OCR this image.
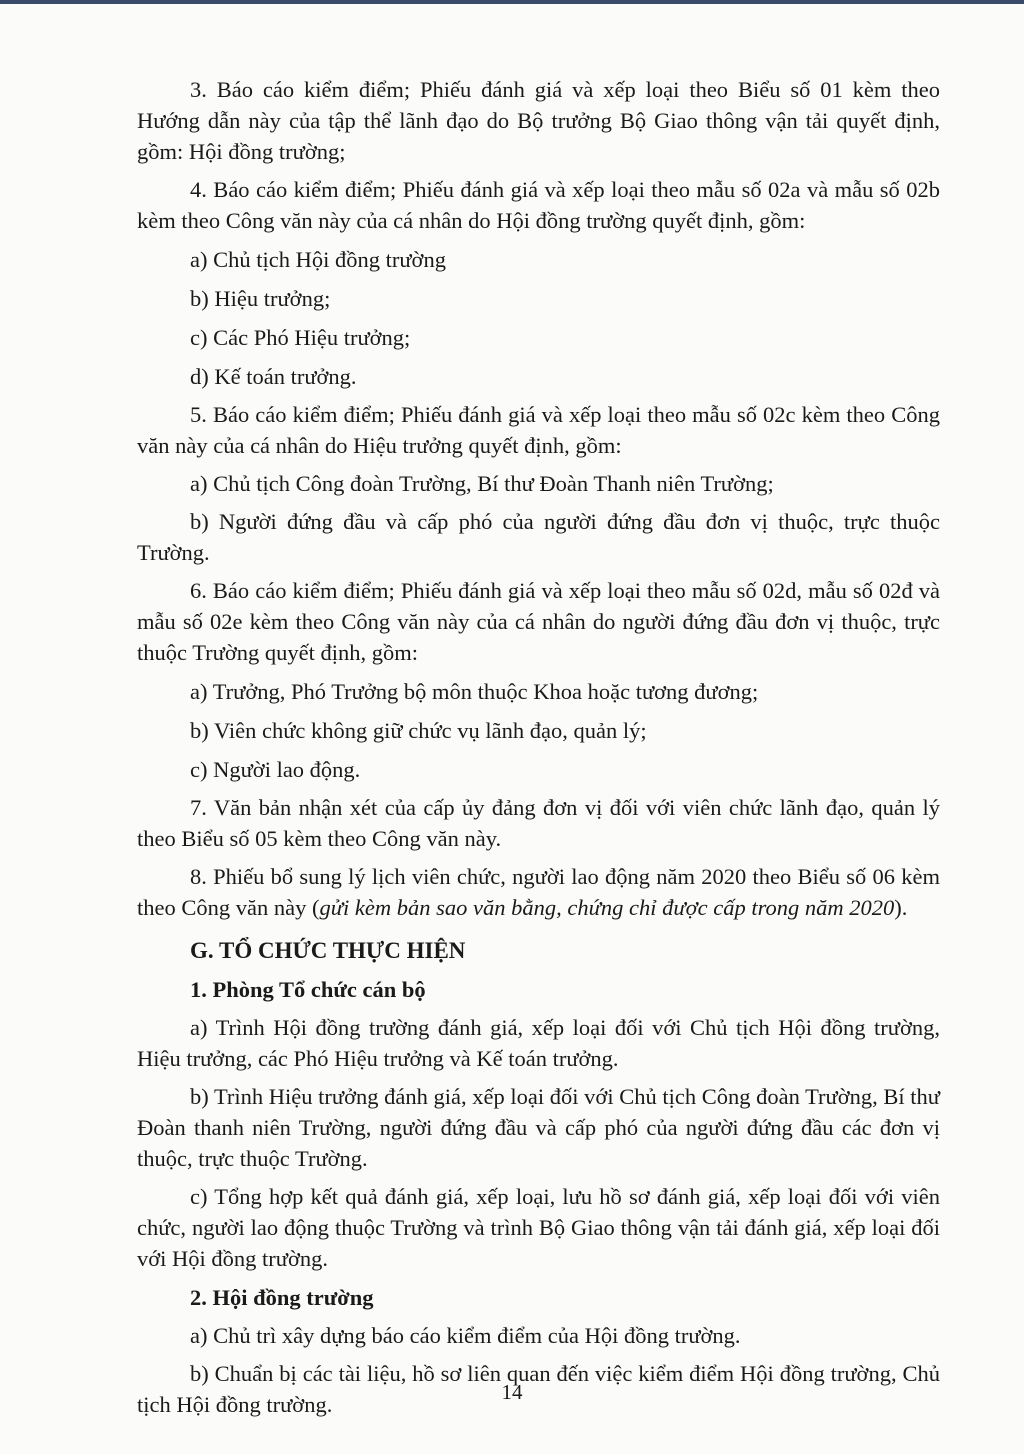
3. Báo cáo kiểm điểm; Phiếu đánh giá và xếp loại theo Biểu số 01 kèm theo Hướng dẫn này của tập thể lãnh đạo do Bộ trưởng Bộ Giao thông vận tải quyết định, gồm: Hội đồng trường;

4. Báo cáo kiểm điểm; Phiếu đánh giá và xếp loại theo mẫu số 02a và mẫu số 02b kèm theo Công văn này của cá nhân do Hội đồng trường quyết định, gồm:

a) Chủ tịch Hội đồng trường

b) Hiệu trưởng;

c) Các Phó Hiệu trưởng;

d) Kế toán trưởng.

5. Báo cáo kiểm điểm; Phiếu đánh giá và xếp loại theo mẫu số 02c kèm theo Công văn này của cá nhân do Hiệu trưởng quyết định, gồm:

a) Chủ tịch Công đoàn Trường, Bí thư Đoàn Thanh niên Trường;

b) Người đứng đầu và cấp phó của người đứng đầu đơn vị thuộc, trực thuộc Trường.

6. Báo cáo kiểm điểm; Phiếu đánh giá và xếp loại theo mẫu số 02d, mẫu số 02đ và mẫu số 02e kèm theo Công văn này của cá nhân do người đứng đầu đơn vị thuộc, trực thuộc Trường quyết định, gồm:

a) Trưởng, Phó Trưởng bộ môn thuộc Khoa hoặc tương đương;

b) Viên chức không giữ chức vụ lãnh đạo, quản lý;

c) Người lao động.

7. Văn bản nhận xét của cấp ủy đảng đơn vị đối với viên chức lãnh đạo, quản lý theo Biểu số 05 kèm theo Công văn này.

8. Phiếu bổ sung lý lịch viên chức, người lao động năm 2020 theo Biểu số 06 kèm theo Công văn này (gửi kèm bản sao văn bằng, chứng chỉ được cấp trong năm 2020).

G. TỔ CHỨC THỰC HIỆN

1. Phòng Tổ chức cán bộ

a) Trình Hội đồng trường đánh giá, xếp loại đối với Chủ tịch Hội đồng trường, Hiệu trưởng, các Phó Hiệu trưởng và Kế toán trưởng.

b) Trình Hiệu trưởng đánh giá, xếp loại đối với Chủ tịch Công đoàn Trường, Bí thư Đoàn thanh niên Trường, người đứng đầu và cấp phó của người đứng đầu các đơn vị thuộc, trực thuộc Trường.

c) Tổng hợp kết quả đánh giá, xếp loại, lưu hồ sơ đánh giá, xếp loại đối với viên chức, người lao động thuộc Trường và trình Bộ Giao thông vận tải đánh giá, xếp loại đối với Hội đồng trường.

2. Hội đồng trường

a) Chủ trì xây dựng báo cáo kiểm điểm của Hội đồng trường.

b) Chuẩn bị các tài liệu, hồ sơ liên quan đến việc kiểm điểm Hội đồng trường, Chủ tịch Hội đồng trường.	14
